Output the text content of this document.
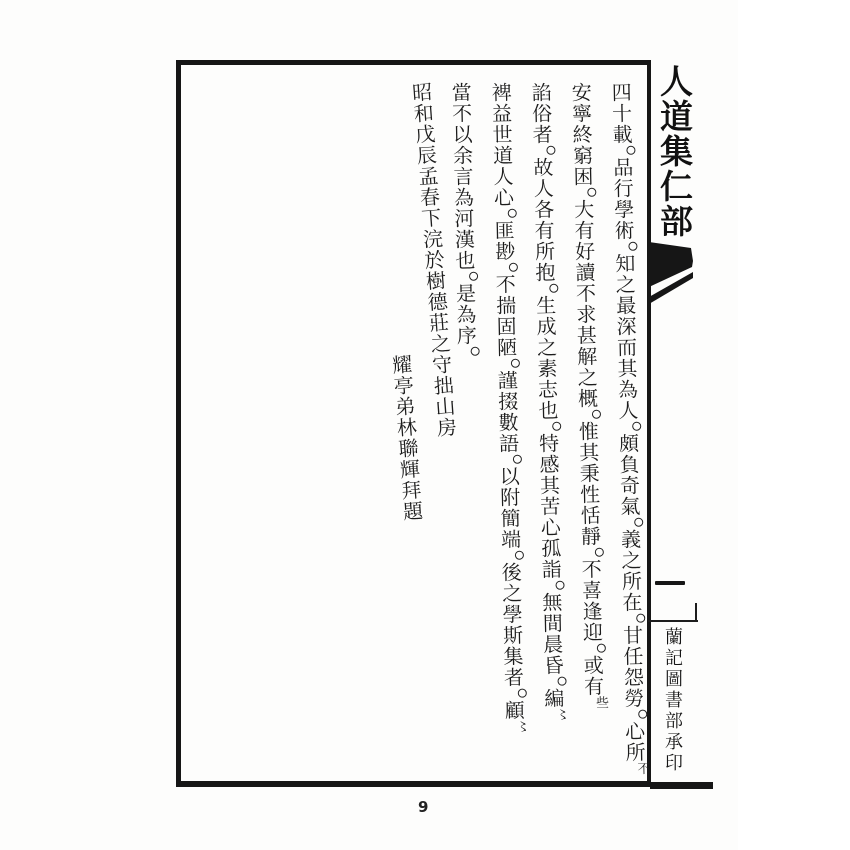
四十載品行學術知之最深而其為人頗負奇氣義之所在甘任怨勞心所不
安寧終窮困大有好讀不求甚解之概惟其秉性恬靜不喜逢迎或有些
諂俗者故人各有所抱生成之素志也特感其苦心孤詣無間晨昏編〻
裨益世道人心匪尠不揣固陋謹掇數語以附簡端後之學斯集者顧〻
當不以余言為河漢也是為序
昭和戊辰孟春下浣於樹德莊之守拙山房
耀亭弟林聯輝拜題
人道集仁部
蘭記圖書部承印
9
